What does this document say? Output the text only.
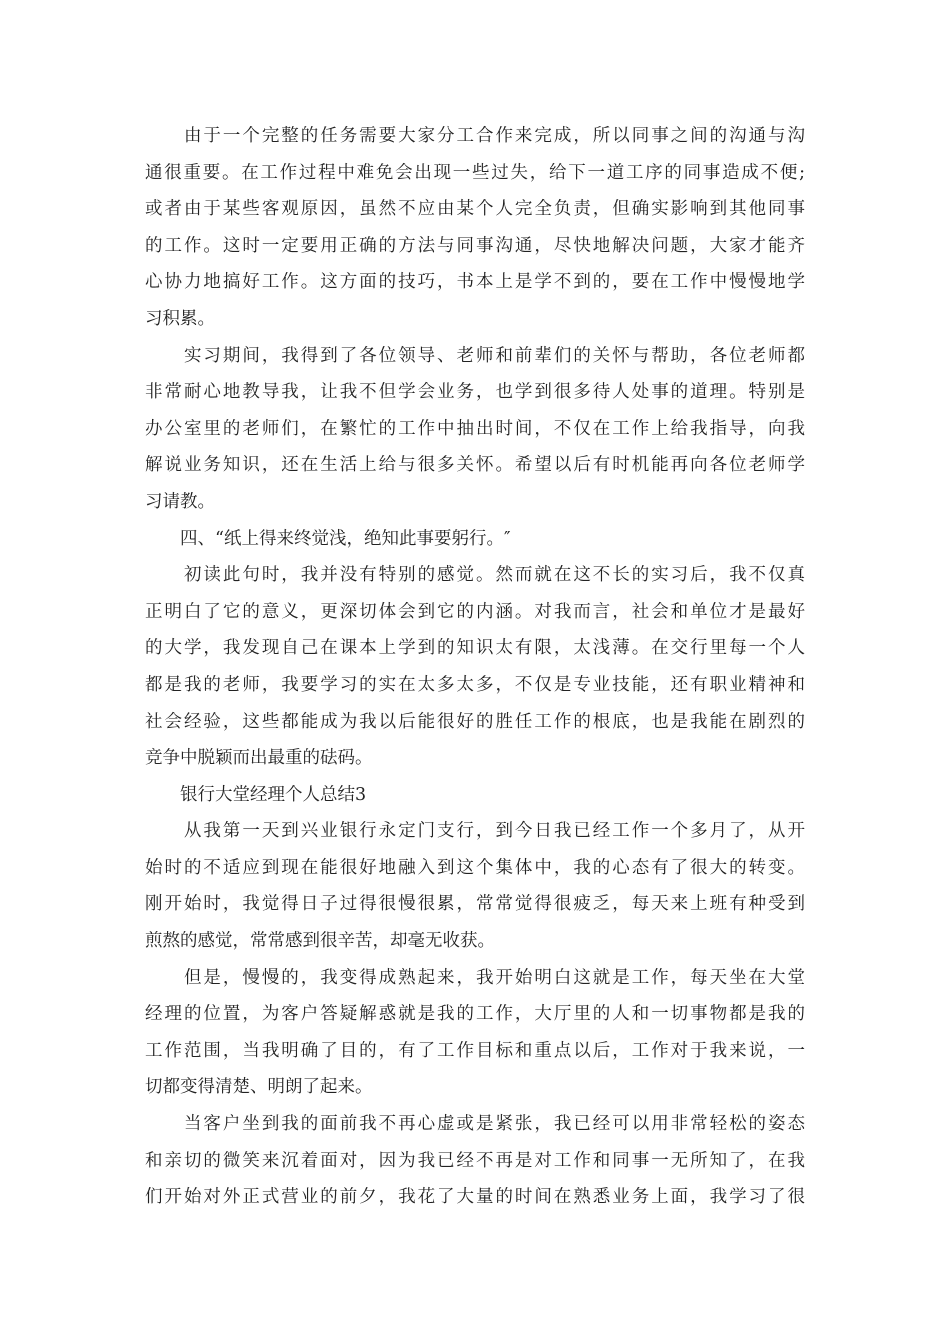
　　由于一个完整的任务需要大家分工合作来完成，所以同事之间的沟通与沟
通很重要。在工作过程中难免会出现一些过失，给下一道工序的同事造成不便;
或者由于某些客观原因，虽然不应由某个人完全负责，但确实影响到其他同事
的工作。这时一定要用正确的方法与同事沟通，尽快地解决问题，大家才能齐
心协力地搞好工作。这方面的技巧，书本上是学不到的，要在工作中慢慢地学
习积累。
　　实习期间，我得到了各位领导、老师和前辈们的关怀与帮助，各位老师都
非常耐心地教导我，让我不但学会业务，也学到很多待人处事的道理。特别是
办公室里的老师们，在繁忙的工作中抽出时间，不仅在工作上给我指导，向我
解说业务知识，还在生活上给与很多关怀。希望以后有时机能再向各位老师学
习请教。
　　四、“纸上得来终觉浅，绝知此事要躬行。″
　　初读此句时，我并没有特别的感觉。然而就在这不长的实习后，我不仅真
正明白了它的意义，更深切体会到它的内涵。对我而言，社会和单位才是最好
的大学，我发现自己在课本上学到的知识太有限，太浅薄。在交行里每一个人
都是我的老师，我要学习的实在太多太多，不仅是专业技能，还有职业精神和
社会经验，这些都能成为我以后能很好的胜任工作的根底，也是我能在剧烈的
竞争中脱颖而出最重的砝码。
　　银行大堂经理个人总结3
　　从我第一天到兴业银行永定门支行，到今日我已经工作一个多月了，从开
始时的不适应到现在能很好地融入到这个集体中，我的心态有了很大的转变。
刚开始时，我觉得日子过得很慢很累，常常觉得很疲乏，每天来上班有种受到
煎熬的感觉，常常感到很辛苦，却毫无收获。
　　但是，慢慢的，我变得成熟起来，我开始明白这就是工作，每天坐在大堂
经理的位置，为客户答疑解惑就是我的工作，大厅里的人和一切事物都是我的
工作范围，当我明确了目的，有了工作目标和重点以后，工作对于我来说，一
切都变得清楚、明朗了起来。
　　当客户坐到我的面前我不再心虚或是紧张，我已经可以用非常轻松的姿态
和亲切的微笑来沉着面对，因为我已经不再是对工作和同事一无所知了，在我
们开始对外正式营业的前夕，我花了大量的时间在熟悉业务上面，我学习了很
